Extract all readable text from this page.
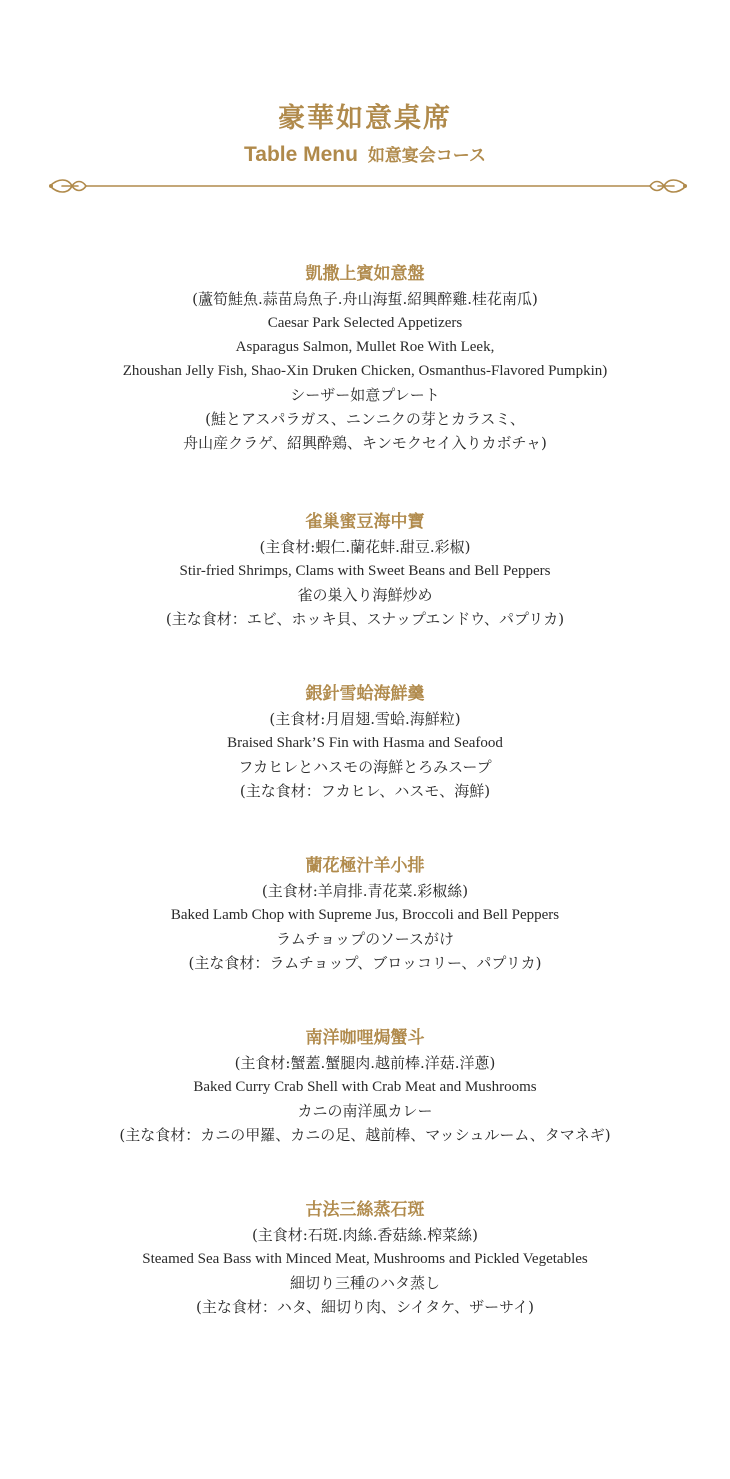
豪華如意桌席
Table Menu 如意宴会コース
凱撒上賓如意盤
(蘆筍鮭魚.蒜苗烏魚子.舟山海蜇.紹興醉雞.桂花南瓜)
Caesar Park Selected Appetizers
Asparagus Salmon, Mullet Roe With Leek,
Zhoushan Jelly Fish, Shao-Xin Druken Chicken, Osmanthus-Flavored Pumpkin)
シーザー如意プレート
(鮭とアスパラガス、ニンニクの芽とカラスミ、
舟山産クラゲ、紹興酔鶏、キンモクセイ入りカボチャ)
雀巢蜜豆海中寶
(主食材:蝦仁.蘭花蚌.甜豆.彩椒)
Stir-fried Shrimps, Clams with Sweet Beans and Bell Peppers
雀の巣入り海鮮炒め
(主な食材：エビ、ホッキ貝、スナップエンドウ、パプリカ)
銀針雪蛤海鮮羹
(主食材:月眉翅.雪蛤.海鮮粒)
Braised Shark’S Fin with Hasma and Seafood
フカヒレとハスモの海鮮とろみスープ
(主な食材：フカヒレ、ハスモ、海鮮)
蘭花極汁羊小排
(主食材:羊肩排.青花菜.彩椒絲)
Baked Lamb Chop with Supreme Jus, Broccoli and Bell Peppers
ラムチョップのソースがけ
(主な食材：ラムチョップ、ブロッコリー、パプリカ)
南洋咖哩焗蟹斗
(主食材:蟹蓋.蟹腿肉.越前棒.洋菇.洋蔥)
Baked Curry Crab Shell with Crab Meat and Mushrooms
カニの南洋風カレー
(主な食材：カニの甲羅、カニの足、越前棒、マッシュルーム、タマネギ)
古法三絲蒸石斑
(主食材:石斑.肉絲.香菇絲.榨菜絲)
Steamed Sea Bass with Minced Meat, Mushrooms and Pickled Vegetables
細切り三種のハタ蒸し
(主な食材：ハタ、細切り肉、シイタケ、ザーサイ)
